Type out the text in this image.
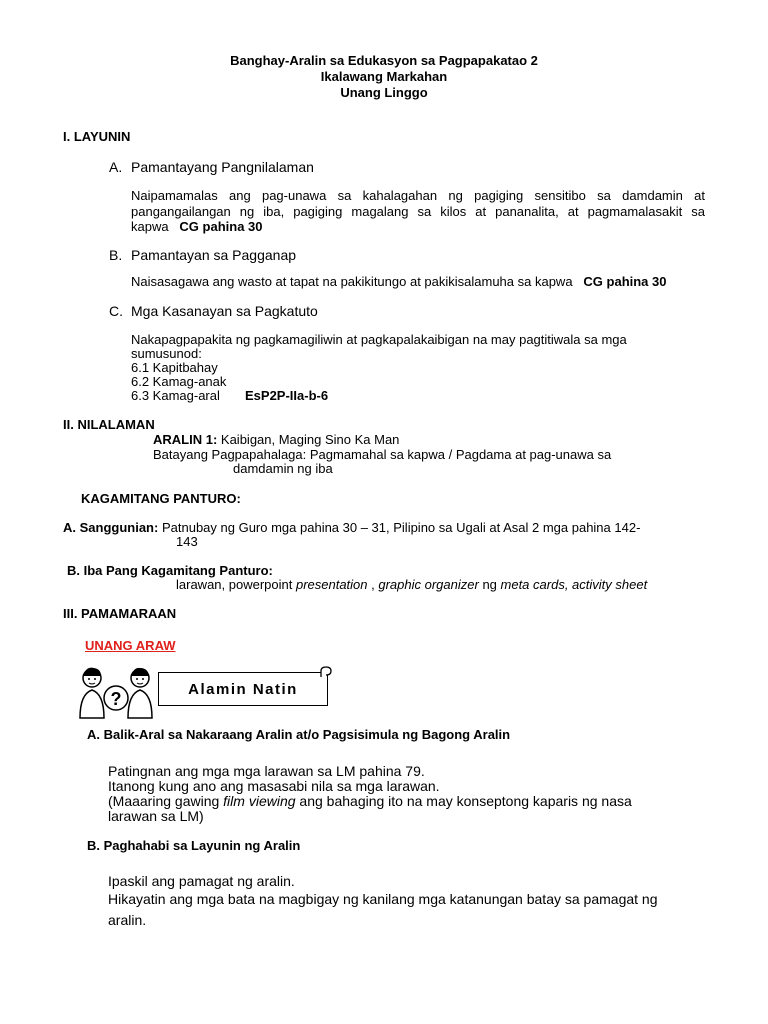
Banghay-Aralin sa Edukasyon sa Pagpapakatao 2
Ikalawang Markahan
Unang Linggo
I. LAYUNIN
A. Pamantayang Pangnilalaman
Naipamamalas ang pag-unawa sa kahalagahan ng pagiging sensitibo sa damdamin at pangangailangan ng iba, pagiging magalang sa kilos at pananalita, at pagmamalasakit sa kapwa CG pahina 30
B. Pamantayan sa Pagganap
Naisasagawa ang wasto at tapat na pakikitungo at pakikisalamuha sa kapwa CG pahina 30
C. Mga Kasanayan sa Pagkatuto
Nakapagpapakita ng pagkamagiliwin at pagkapalakaibigan na may pagtitiwala sa mga
sumusunod:
6.1 Kapitbahay
6.2 Kamag-anak
6.3 Kamag-aral EsP2P-IIa-b-6
II. NILALAMAN
ARALIN 1: Kaibigan, Maging Sino Ka Man
Batayang Pagpapahalaga: Pagmamahal sa kapwa / Pagdama at pag-unawa sa
damdamin ng iba
KAGAMITANG PANTURO:
A. Sanggunian: Patnubay ng Guro mga pahina 30 – 31, Pilipino sa Ugali at Asal 2 mga pahina 142-
143
B. Iba Pang Kagamitang Panturo:
larawan, powerpoint presentation , graphic organizer ng meta cards, activity sheet
III. PAMAMARAAN
UNANG ARAW
?	Alamin Natin
A. Balik-Aral sa Nakaraang Aralin at/o Pagsisimula ng Bagong Aralin
Patingnan ang mga mga larawan sa LM pahina 79.
Itanong kung ano ang masasabi nila sa mga larawan.
(Maaaring gawing film viewing ang bahaging ito na may konseptong kaparis ng nasa
larawan sa LM)
B. Paghahabi sa Layunin ng Aralin
Ipaskil ang pamagat ng aralin.
Hikayatin ang mga bata na magbigay ng kanilang mga katanungan batay sa pamagat ng
aralin.
